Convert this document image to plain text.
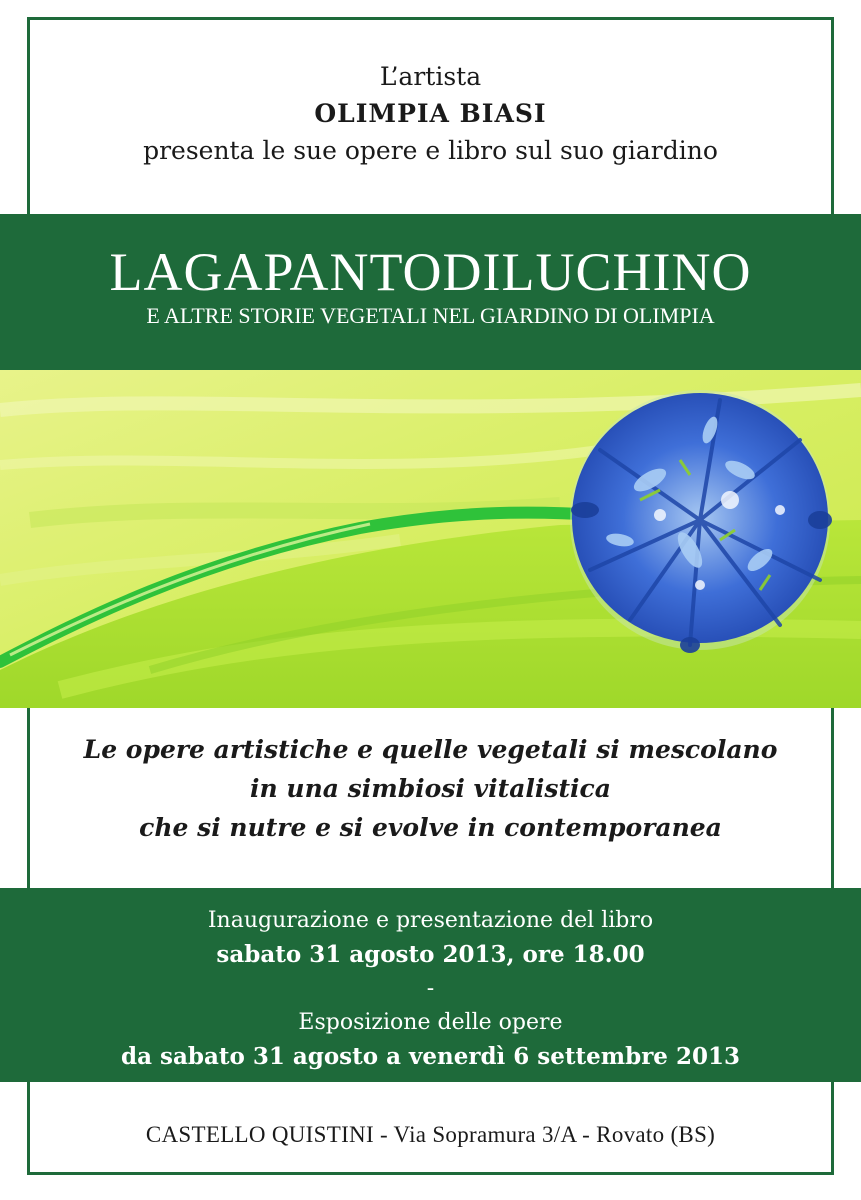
L’artista
OLIMPIA BIASI
presenta le sue opere e libro sul suo giardino
LAGAPANTODILUCHINO
E ALTRE STORIE VEGETALI NEL GIARDINO DI OLIMPIA
Le opere artistiche e quelle vegetali si mescolano
in una simbiosi vitalistica
che si nutre e si evolve in contemporanea
Inaugurazione e presentazione del libro
sabato 31 agosto 2013, ore 18.00
-
Esposizione delle opere
da sabato 31 agosto a venerdì 6 settembre 2013
CASTELLO QUISTINI - Via Sopramura 3/A - Rovato (BS)
